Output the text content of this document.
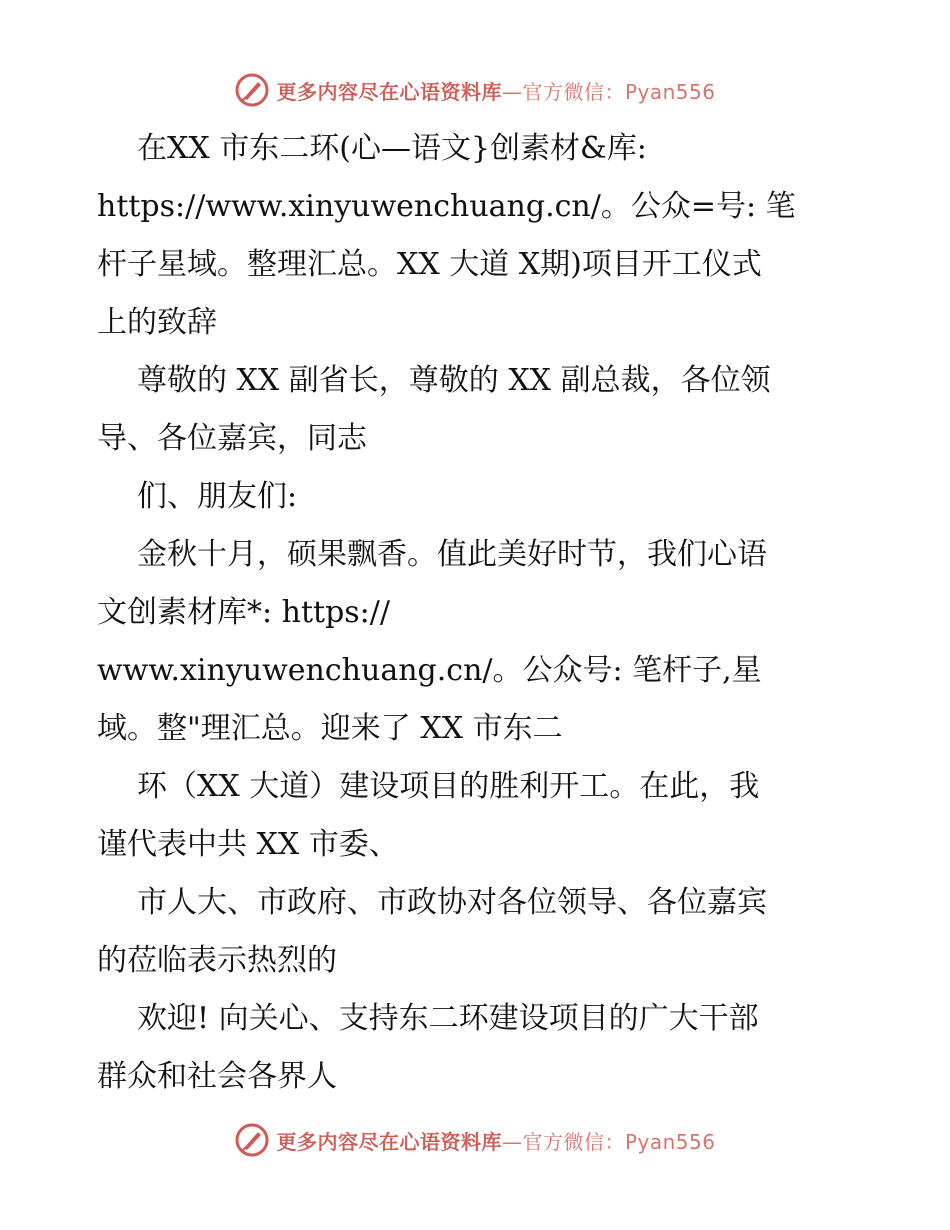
更多内容尽在心语资料库—官方微信：Pyan556
在XX 市东二环(心—语文}创素材&库:
https://www.xinyuwenchuang.cn/。公众=号: 笔
杆子星域。整理汇总。XX 大道 X期)项目开工仪式
上的致辞
尊敬的 XX 副省长，尊敬的 XX 副总裁，各位领
导、各位嘉宾，同志
们、朋友们:
金秋十月，硕果飘香。值此美好时节，我们心语
文创素材库*: https://
www.xinyuwenchuang.cn/。公众号: 笔杆子,星
域。整"理汇总。迎来了 XX 市东二
环（XX 大道）建设项目的胜利开工。在此，我
谨代表中共 XX 市委、
市人大、市政府、市政协对各位领导、各位嘉宾
的莅临表示热烈的
欢迎! 向关心、支持东二环建设项目的广大干部
群众和社会各界人
更多内容尽在心语资料库—官方微信：Pyan556
